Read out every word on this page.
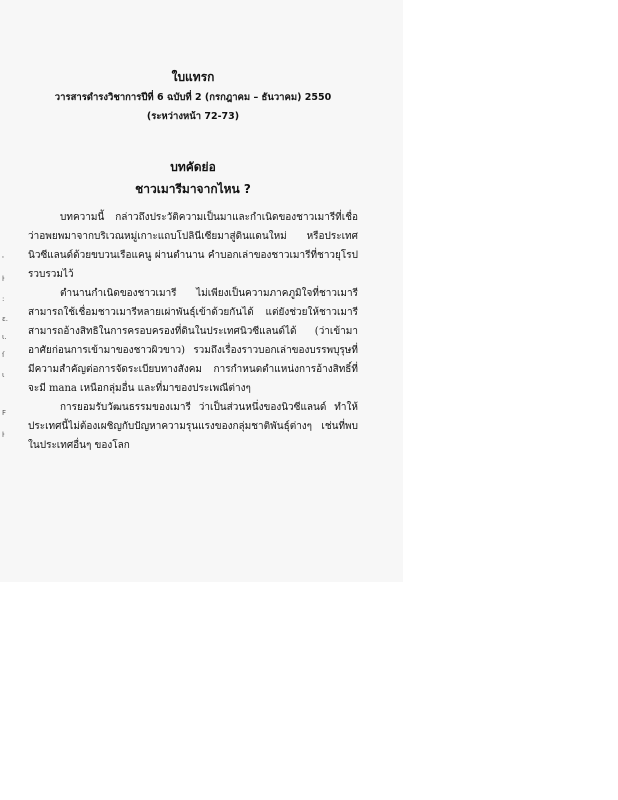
'
ŀ
:
ε.
ι.
ſ
ι
F
ŀ
ใบแทรก
วารสารดำรงวิชาการปีที่ 6 ฉบับที่ 2 (กรกฎาคม – ธันวาคม) 2550
(ระหว่างหน้า 72-73)
บทคัดย่อ
ชาวเมารีมาจากไหน ?

บทความนี้ กล่าวถึงประวัติความเป็นมาและกำเนิดของชาวเมารีที่เชื่อว่าอพยพมาจากบริเวณหมู่เกาะแถบโปลินีเซียมาสู่ดินแดนใหม่ หรือประเทศนิวซีแลนด์ด้วยขบวนเรือแคนู ผ่านตำนาน คำบอกเล่าของชาวเมารีที่ชาวยุโรปรวบรวมไว้

ตำนานกำเนิดของชาวเมารี ไม่เพียงเป็นความภาคภูมิใจที่ชาวเมารีสามารถใช้เชื่อมชาวเมารีหลายเผ่าพันธุ์เข้าด้วยกันได้ แต่ยังช่วยให้ชาวเมารีสามารถอ้างสิทธิในการครอบครองที่ดินในประเทศนิวซีแลนด์ได้ (ว่าเข้ามาอาศัยก่อนการเข้ามาของชาวผิวขาว) รวมถึงเรื่องราวบอกเล่าของบรรพบุรุษที่มีความสำคัญต่อการจัดระเบียบทางสังคม การกำหนดตำแหน่งการอ้างสิทธิ์ที่จะมี mana เหนือกลุ่มอื่น และที่มาของประเพณีต่างๆ

การยอมรับวัฒนธรรมของเมารี ว่าเป็นส่วนหนึ่งของนิวซีแลนด์ ทำให้ประเทศนี้ไม่ต้องเผชิญกับปัญหาความรุนแรงของกลุ่มชาติพันธุ์ต่างๆ เช่นที่พบในประเทศอื่นๆ ของโลก
